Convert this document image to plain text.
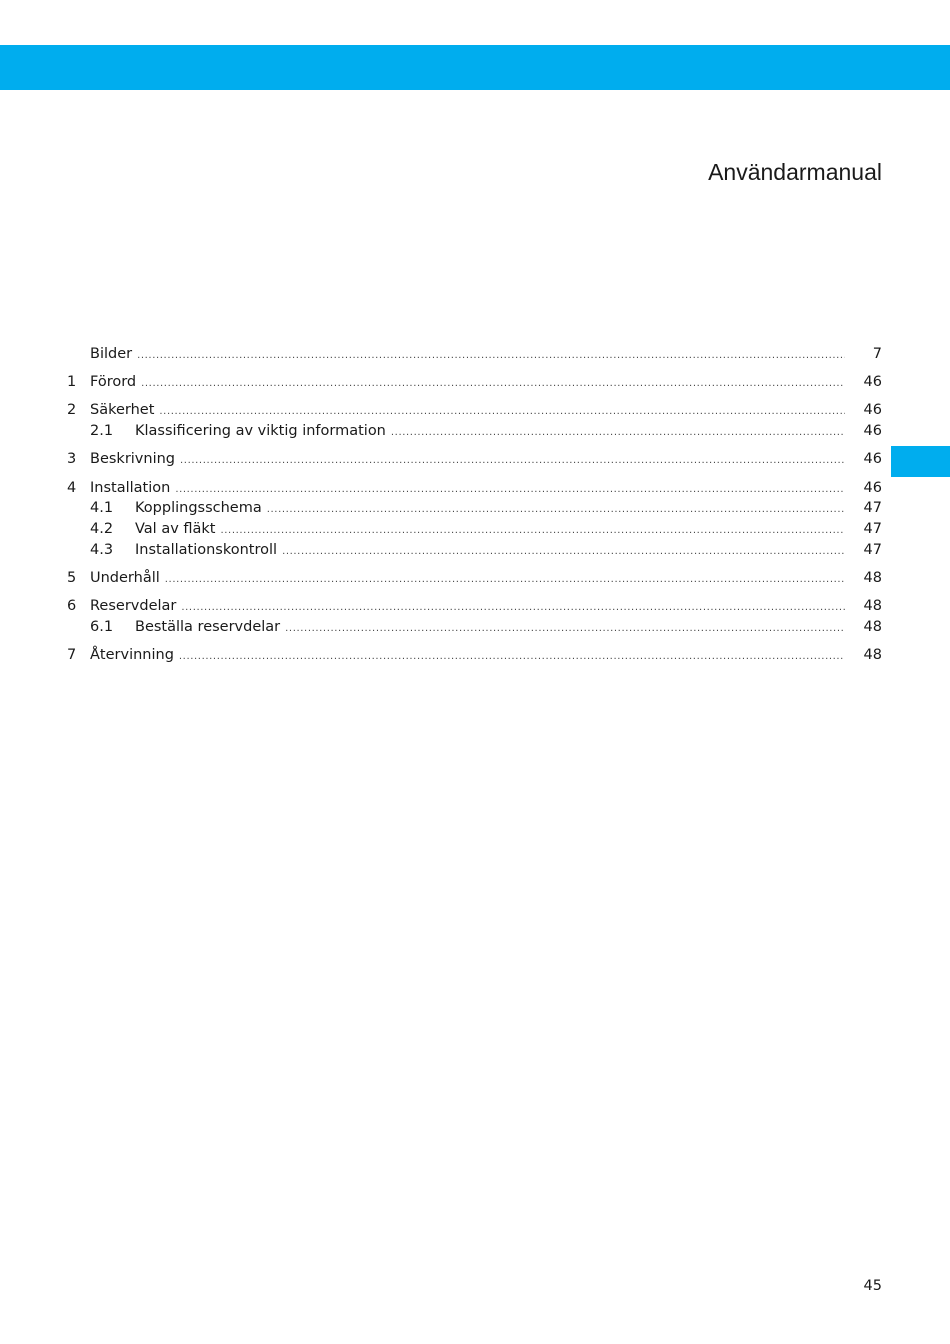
Användarmanual
Bilder .....	7
1 Förord .....	46
2 Säkerhet .....	46
2.1 Klassificering av viktig information .....	46
3 Beskrivning .....	46
4 Installation .....	46
4.1 Kopplingsschema .....	47
4.2 Val av fläkt .....	47
4.3 Installationskontroll .....	47
5 Underhåll .....	48
6 Reservdelar .....	48
6.1 Beställa reservdelar .....	48
7 Återvinning .....	48
45
